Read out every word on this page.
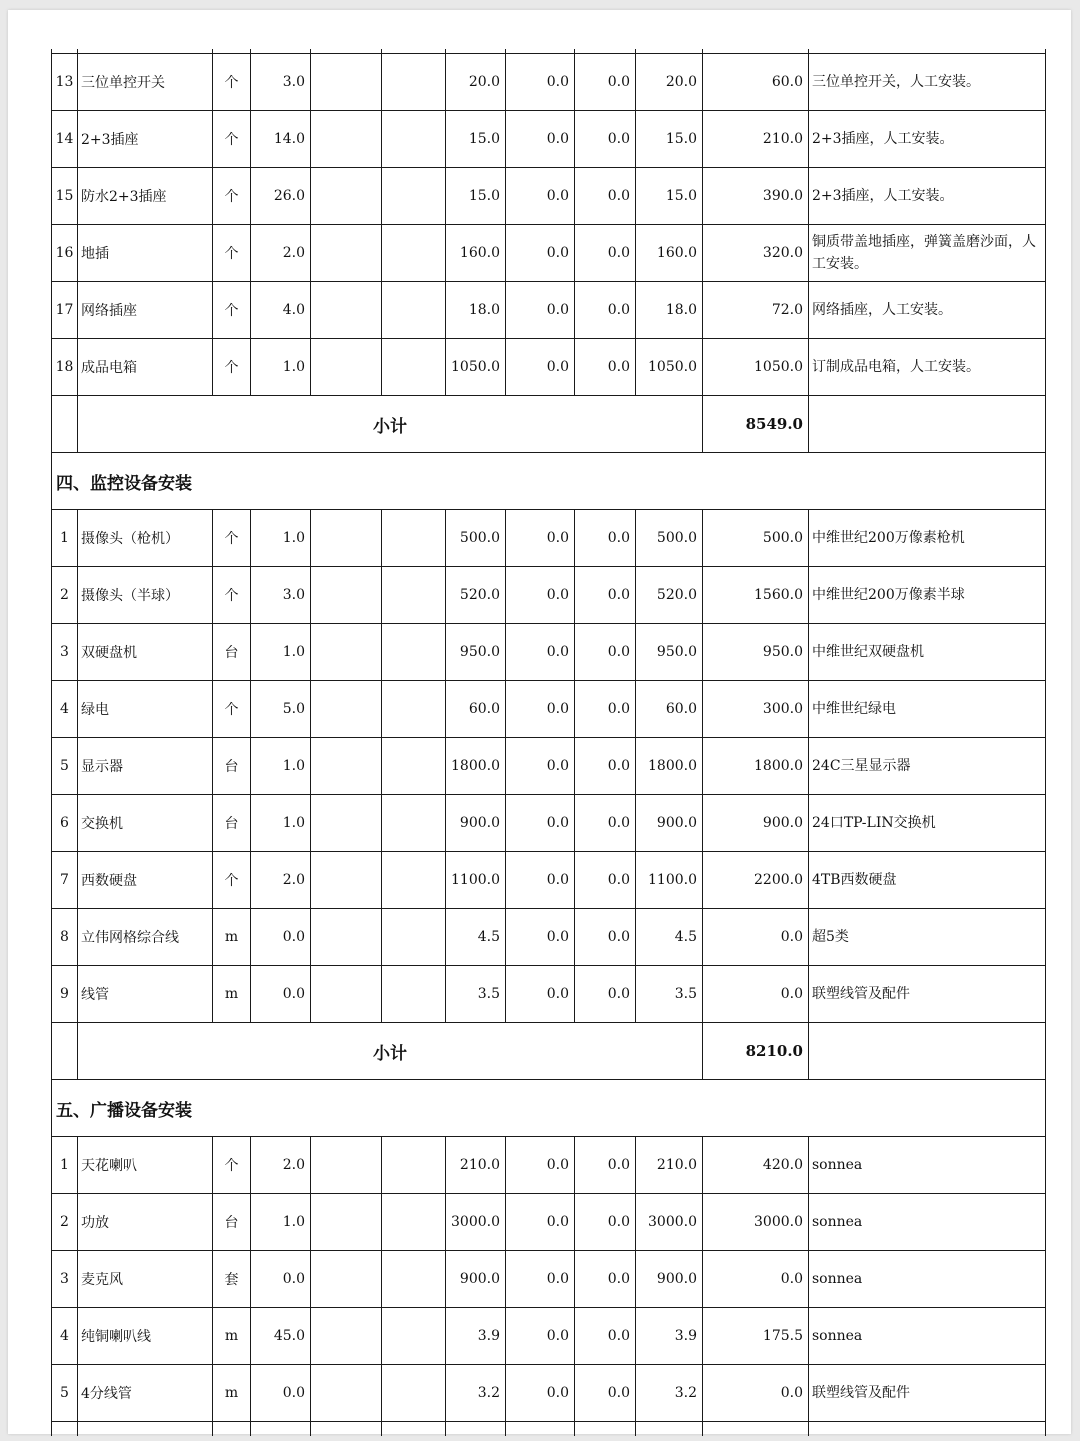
13	三位单控开关	个	3.0			20.0	0.0	0.0	20.0	60.0	三位单控开关，人工安装。
14	2+3插座	个	14.0			15.0	0.0	0.0	15.0	210.0	2+3插座，人工安装。
15	防水2+3插座	个	26.0			15.0	0.0	0.0	15.0	390.0	2+3插座，人工安装。
16	地插	个	2.0			160.0	0.0	0.0	160.0	320.0	铜质带盖地插座，弹簧盖磨沙面，人工安装。
17	网络插座	个	4.0			18.0	0.0	0.0	18.0	72.0	网络插座，人工安装。
18	成品电箱	个	1.0			1050.0	0.0	0.0	1050.0	1050.0	订制成品电箱，人工安装。
	小计									8549.0	
四、监控设备安装											
1	摄像头（枪机）	个	1.0			500.0	0.0	0.0	500.0	500.0	中维世纪200万像素枪机
2	摄像头（半球）	个	3.0			520.0	0.0	0.0	520.0	1560.0	中维世纪200万像素半球
3	双硬盘机	台	1.0			950.0	0.0	0.0	950.0	950.0	中维世纪双硬盘机
4	绿电	个	5.0			60.0	0.0	0.0	60.0	300.0	中维世纪绿电
5	显示器	台	1.0			1800.0	0.0	0.0	1800.0	1800.0	24C三星显示器
6	交换机	台	1.0			900.0	0.0	0.0	900.0	900.0	24口TP-LIN交换机
7	西数硬盘	个	2.0			1100.0	0.0	0.0	1100.0	2200.0	4TB西数硬盘
8	立伟网格综合线	m	0.0			4.5	0.0	0.0	4.5	0.0	超5类
9	线管	m	0.0			3.5	0.0	0.0	3.5	0.0	联塑线管及配件
	小计									8210.0	
五、广播设备安装											
1	天花喇叭	个	2.0			210.0	0.0	0.0	210.0	420.0	sonnea
2	功放	台	1.0			3000.0	0.0	0.0	3000.0	3000.0	sonnea
3	麦克风	套	0.0			900.0	0.0	0.0	900.0	0.0	sonnea
4	纯铜喇叭线	m	45.0			3.9	0.0	0.0	3.9	175.5	sonnea
5	4分线管	m	0.0			3.2	0.0	0.0	3.2	0.0	联塑线管及配件
